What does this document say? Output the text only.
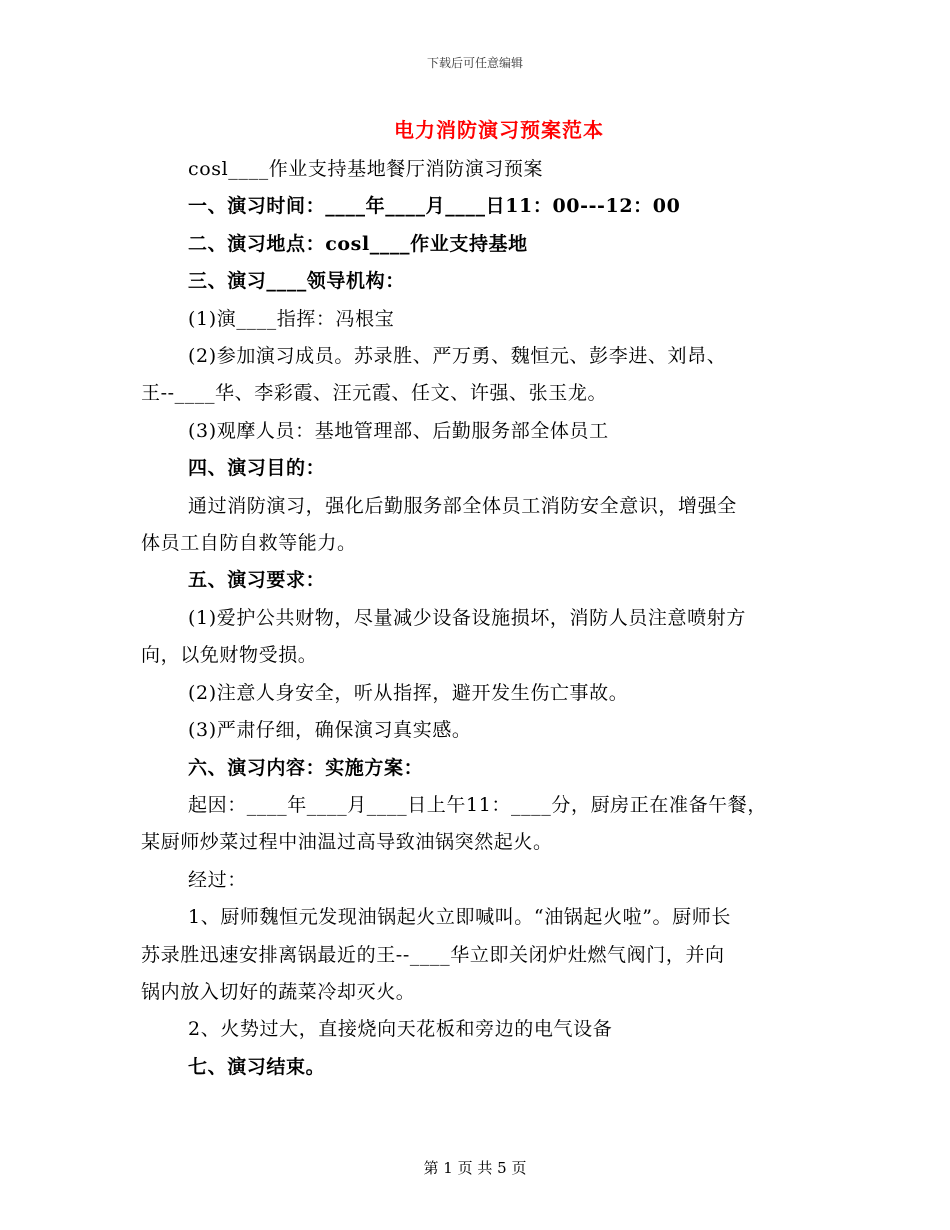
下载后可任意编辑
电力消防演习预案范本

cosl____作业支持基地餐厅消防演习预案

一、演习时间：____年____月____日11：00---12：00

二、演习地点：cosl____作业支持基地

三、演习____领导机构：

(1)演____指挥：冯根宝

(2)参加演习成员。苏录胜、严万勇、魏恒元、彭李进、刘昂、

王--____华、李彩霞、汪元霞、任文、许强、张玉龙。

(3)观摩人员：基地管理部、后勤服务部全体员工

四、演习目的：

通过消防演习，强化后勤服务部全体员工消防安全意识，增强全

体员工自防自救等能力。

五、演习要求：

(1)爱护公共财物，尽量减少设备设施损坏，消防人员注意喷射方

向，以免财物受损。

(2)注意人身安全，听从指挥，避开发生伤亡事故。

(3)严肃仔细，确保演习真实感。

六、演习内容：实施方案：

起因：____年____月____日上午11：____分，厨房正在准备午餐，

某厨师炒菜过程中油温过高导致油锅突然起火。

经过：

1、厨师魏恒元发现油锅起火立即喊叫。“油锅起火啦”。厨师长

苏录胜迅速安排离锅最近的王--____华立即关闭炉灶燃气阀门，并向

锅内放入切好的蔬菜冷却灭火。

2、火势过大，直接烧向天花板和旁边的电气设备

七、演习结束。

第 1 页 共 5 页
